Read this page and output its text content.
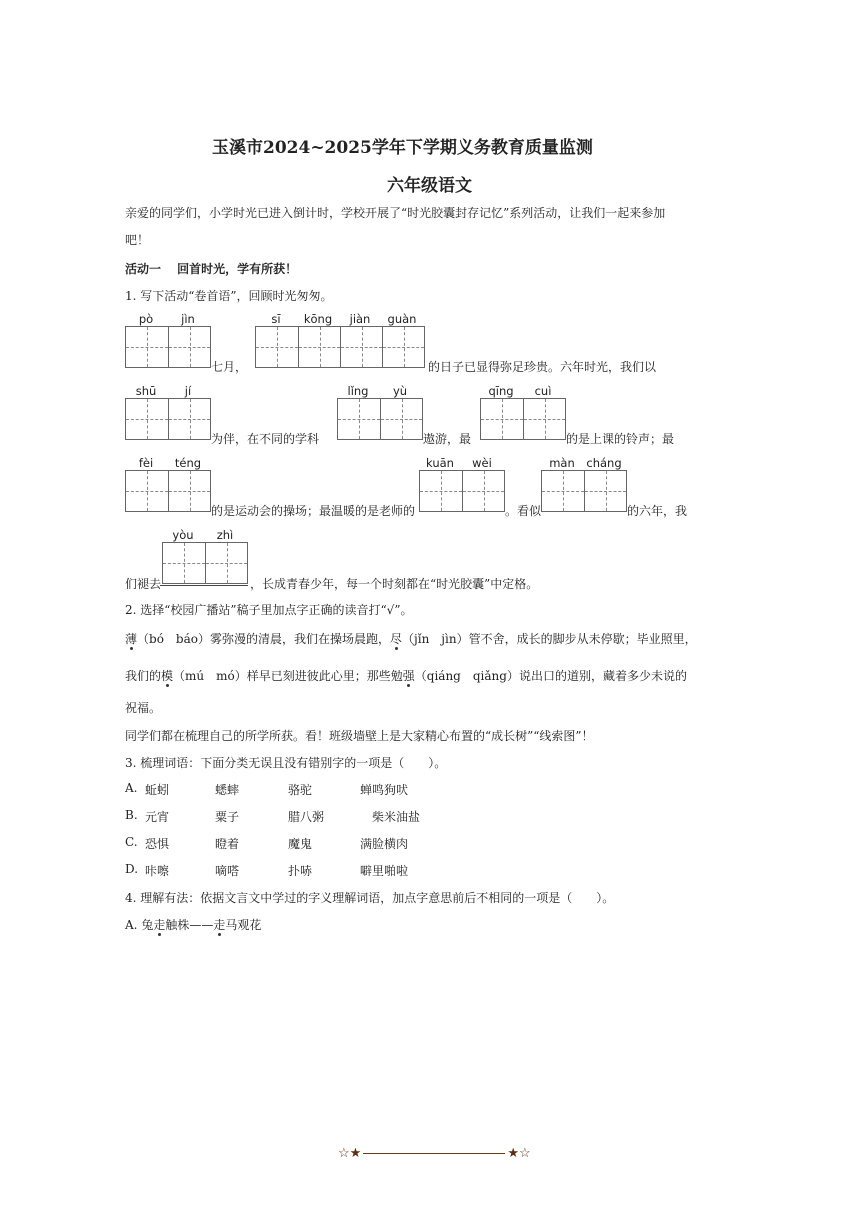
玉溪市2024~2025学年下学期义务教育质量监测
六年级语文
亲爱的同学们，小学时光已进入倒计时，学校开展了“时光胶囊封存记忆”系列活动，让我们一起来参加
吧！
活动一　 回首时光，学有所获！
1. 写下活动“卷首语”，回顾时光匆匆。
pò	jìn
七月，
sī	kōng	jiàn	guàn
的日子已显得弥足珍贵。六年时光，我们以
shū	jí
为伴，在不同的学科
lǐng	yù
遨游，最
qīng	cuì
的是上课的铃声；最
fèi	téng
的是运动会的操场；最温暖的是老师的
kuān	wèi
。看似
màn	cháng
的六年，我
们褪去
yòu	zhì
，长成青春少年，每一个时刻都在“时光胶囊”中定格。
2. 选择“校园广播站”稿子里加点字正确的读音打“√”。
薄（bó　báo）雾弥漫的清晨，我们在操场晨跑，尽（jǐn　jìn）管不舍，成长的脚步从未停歇；毕业照里，
我们的模（mú　mó）样早已刻进彼此心里；那些勉强（qiáng　qiǎng）说出口的道别，藏着多少未说的
祝福。
同学们都在梳理自己的所学所获。看！班级墙壁上是大家精心布置的“成长树”“线索图”！
3. 梳理词语：下面分类无误且没有错别字的一项是（　　）。
A. 蚯蚓	蟋蟀	骆驼	蝉鸣狗吠
B. 元宵	粟子	腊八粥	柴米油盐
C. 恐惧	瞪着	魔鬼	满脸横肉
D. 咔嚓	嘀嗒	扑哧	噼里啪啦
4. 理解有法：依据文言文中学过的字义理解词语，加点字意思前后不相同的一项是（　　）。
A. 兔走触株——走马观花
☆★	★☆
